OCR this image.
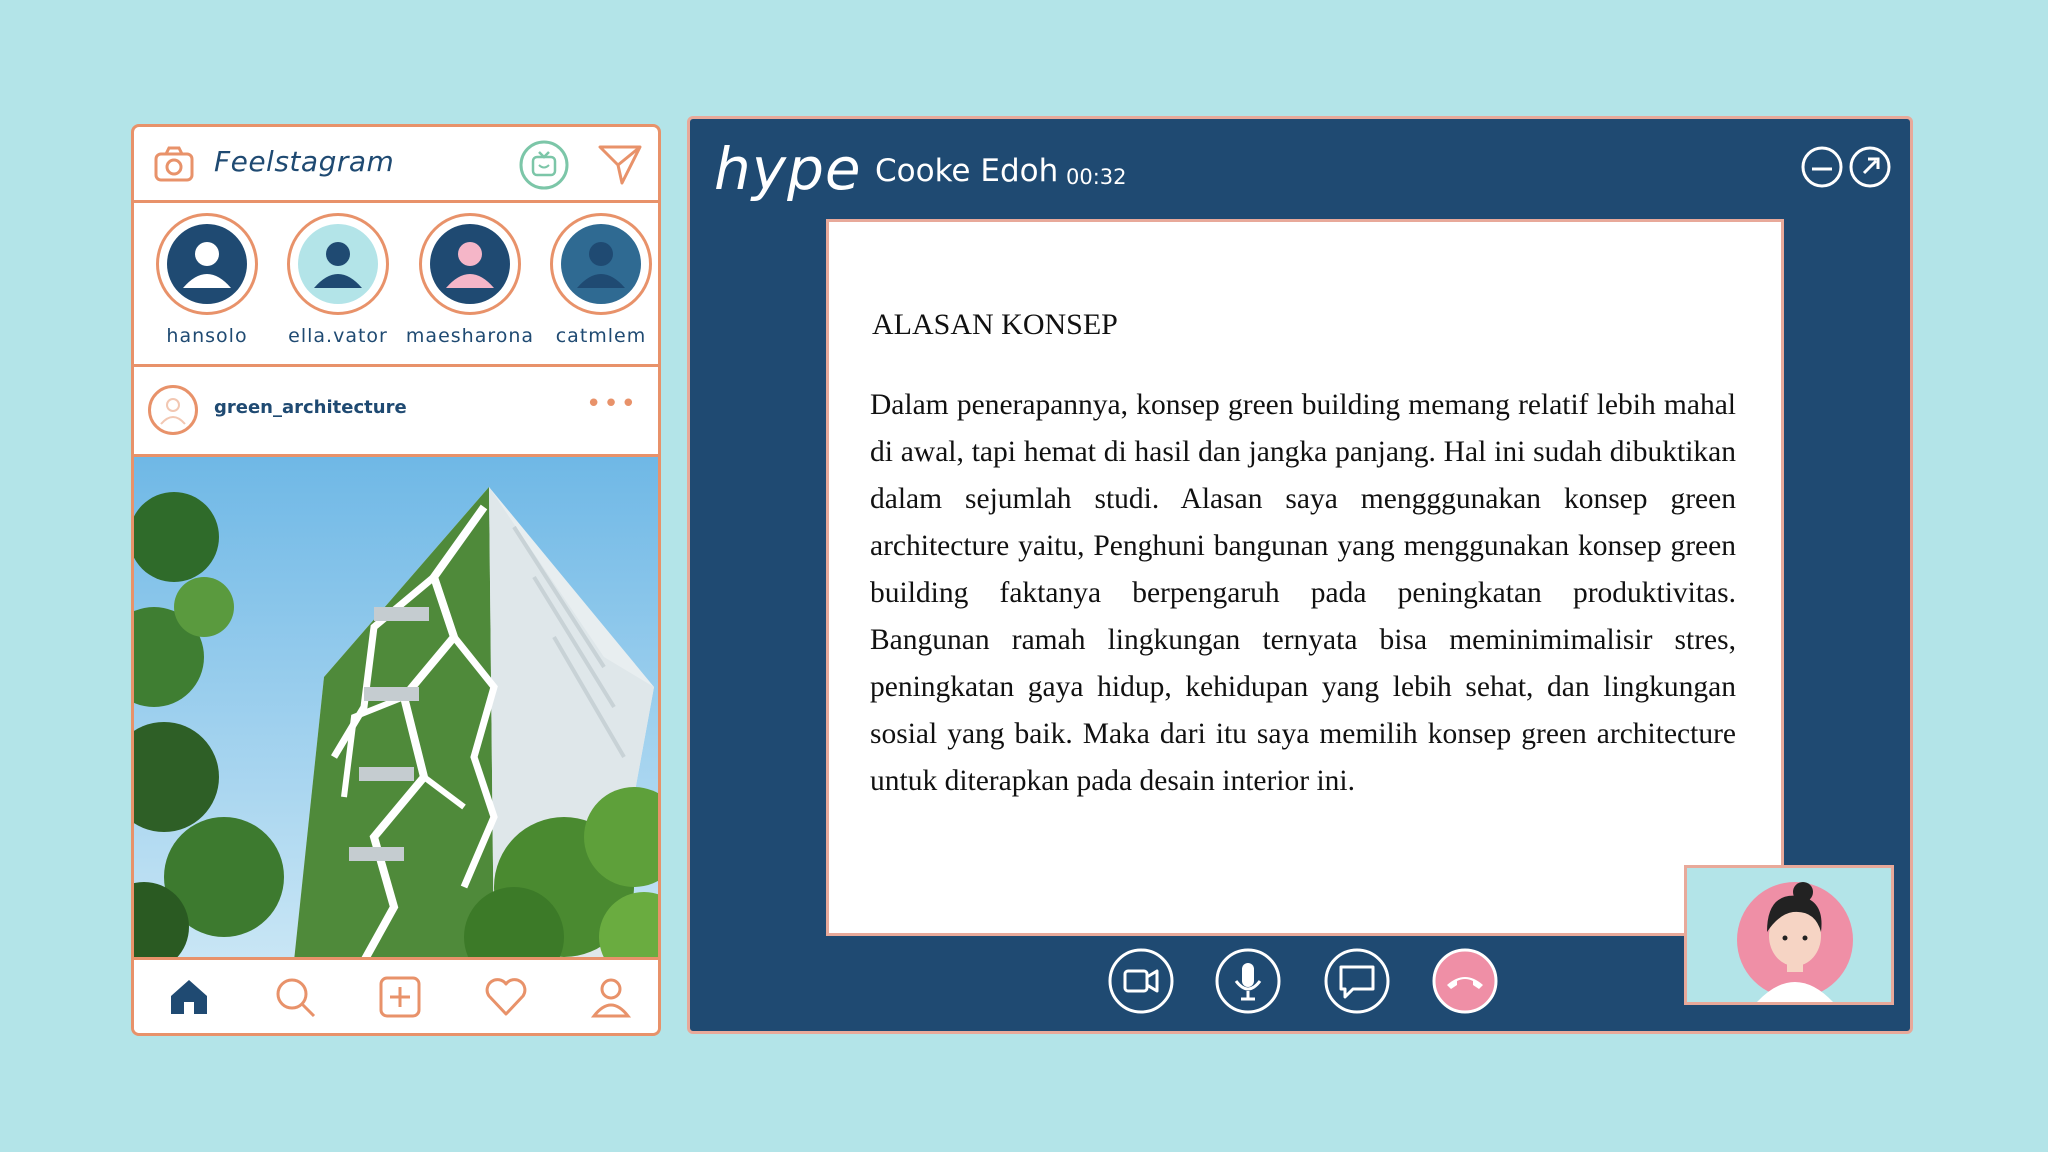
Feelstagram
hansolo	ella.vator maesharona	catmlem
green_architecture	•••
hype Cooke Edoh 00:32
ALASAN KONSEP
Dalam penerapannya, konsep green building memang relatif lebih mahal di awal, tapi hemat di hasil dan jangka panjang. Hal ini sudah dibuktikan dalam sejumlah studi. Alasan saya mengggunakan konsep green architecture yaitu, Penghuni bangunan yang menggunakan konsep green building faktanya berpengaruh pada peningkatan produktivitas. Bangunan ramah lingkungan ternyata bisa meminimimalisir stres, peningkatan gaya hidup, kehidupan yang lebih sehat, dan lingkungan sosial yang baik. Maka dari itu saya memilih konsep green architecture untuk diterapkan pada desain interior ini.
